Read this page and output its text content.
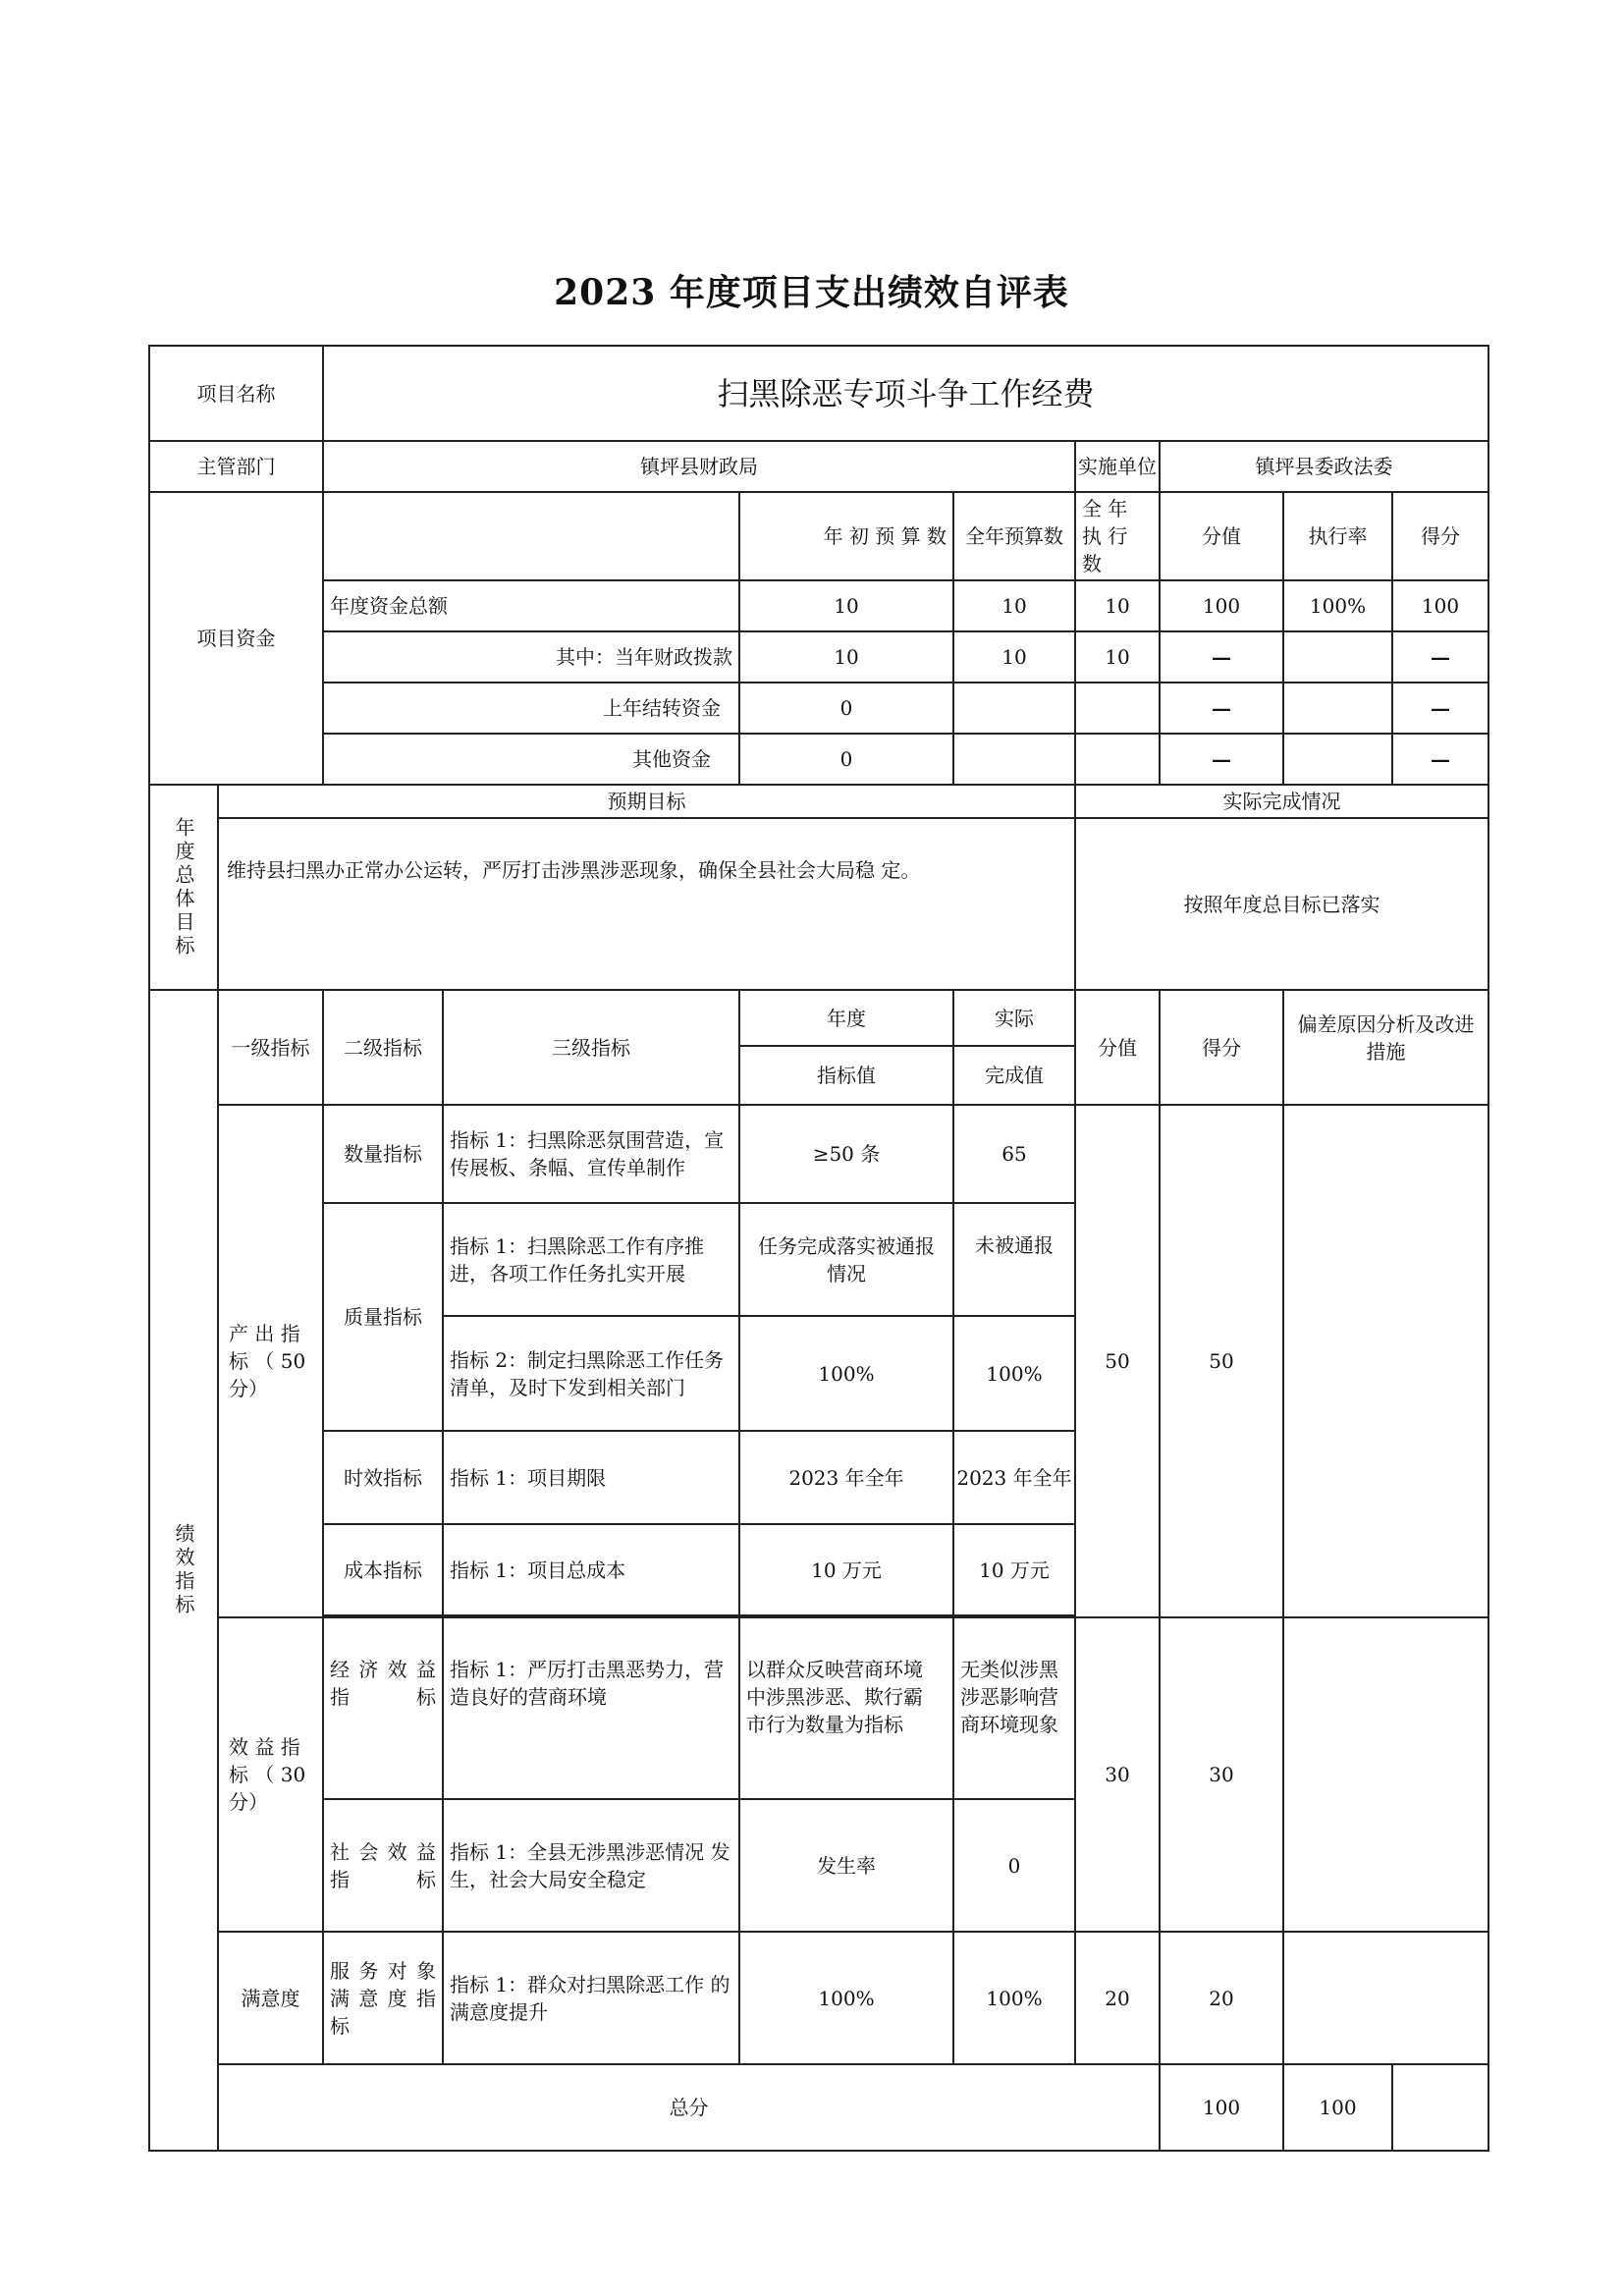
2023 年度项目支出绩效自评表
项目名称		扫黑除恶专项斗争工作经费							
主管部门		镇坪县财政局				实施单位	镇坪县委政法委		
项目资金				年 初 预 算 数	全年预算数	全 年 执 行 数	分值	执行率	得分
		年度资金总额		10	10	10	100	100%	100
		其中：当年财政拨款		10	10	10	—		—
		上年结转资金		0			—		—
		其他资金		0			—		—
年度总体目标	预期目标					实际完成情况			
	维持县扫黑办正常办公运转，严厉打击涉黑涉恶现象，确保全县社会大局稳 定。					按照年度总目标已落实			
绩效指标	一级指标	二级指标	三级指标	年度	实际	分值	得分	偏差原因分析及改进 措施	
				指标值	完成值				
	产 出 指 标 （ 50 分）	数量指标	指标 1：扫黑除恶氛围营造，宣传展板、条幅、宣传单制作	≥50 条	65	50	50		
		质量指标	指标 1：扫黑除恶工作有序推 进，各项工作任务扎实开展	任务完成落实被通报 情况	未被通报				
			指标 2：制定扫黑除恶工作任务清单，及时下发到相关部门	100%	100%				
		时效指标	指标 1：项目期限	2023 年全年	2023 年全年				
		成本指标	指标 1：项目总成本	10 万元	10 万元				

	效 益 指 标 （ 30 分）	经 济 效 益 指 标	指标 1：严厉打击黑恶势力，营造良好的营商环境	以群众反映营商环境 中涉黑涉恶、欺行霸 市行为数量为指标	无类似涉黑 涉恶影响营 商环境现象	30	30		
		社 会 效 益 指 标	指标 1：全县无涉黑涉恶情况 发生，社会大局安全稳定	发生率	0				
	满意度	服 务 对 象 满 意 度 指标	指标 1：群众对扫黑除恶工作 的满意度提升	100%	100%	20	20		
	总分						100	100	
